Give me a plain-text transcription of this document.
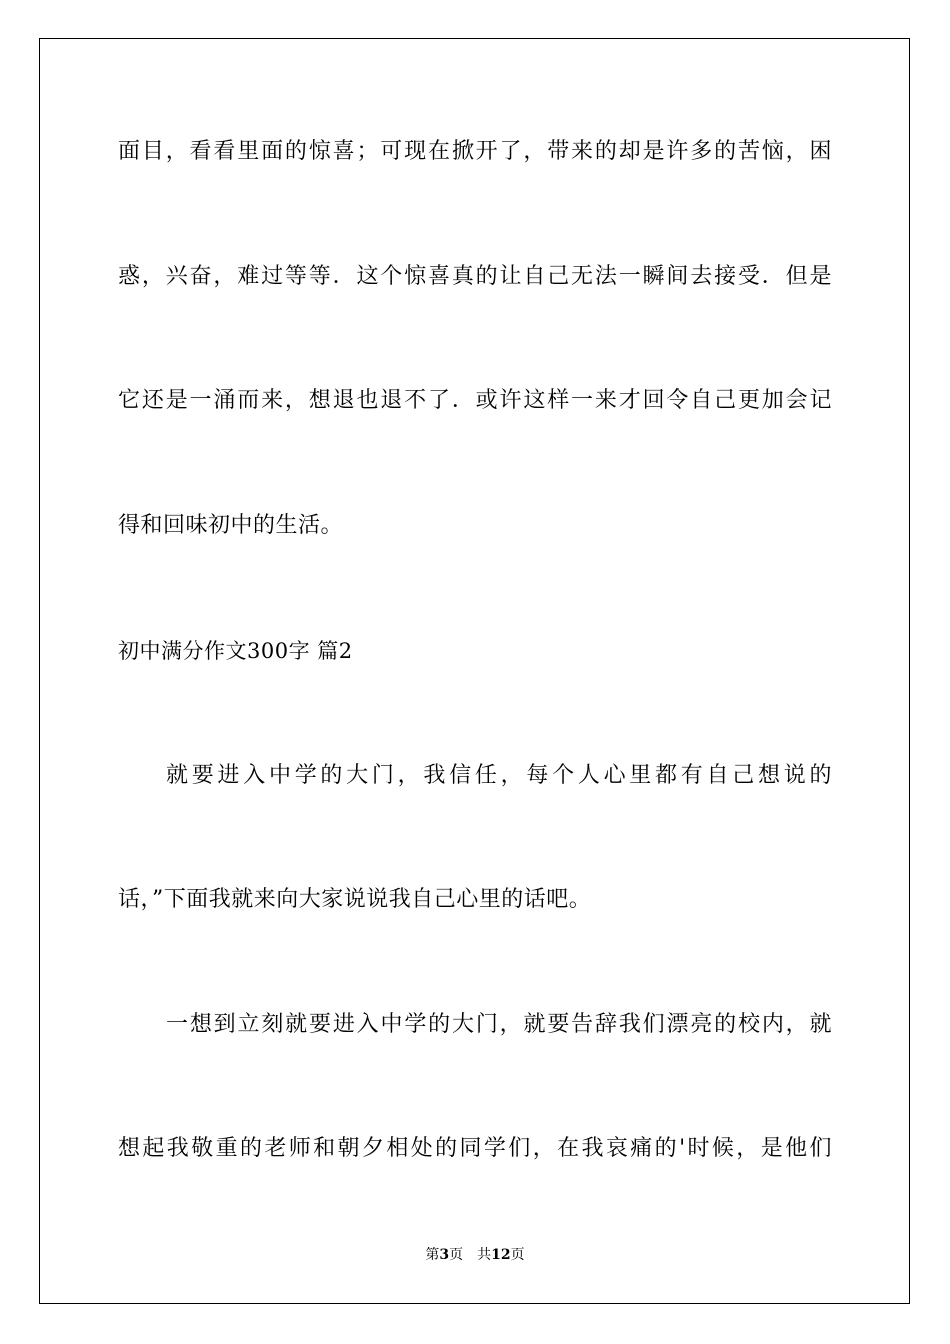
面目，看看里面的惊喜；可现在掀开了，带来的却是许多的苦恼，困
惑，兴奋，难过等等．这个惊喜真的让自己无法一瞬间去接受．但是
它还是一涌而来，想退也退不了．或许这样一来才回令自己更加会记
得和回味初中的生活。
初中满分作文300字 篇2
就要进入中学的大门，我信任，每个人心里都有自己想说的
话，”下面我就来向大家说说我自己心里的话吧。
一想到立刻就要进入中学的大门，就要告辞我们漂亮的校内，就
想起我敬重的老师和朝夕相处的同学们，在我哀痛的'时候，是他们
第3页 共12页
